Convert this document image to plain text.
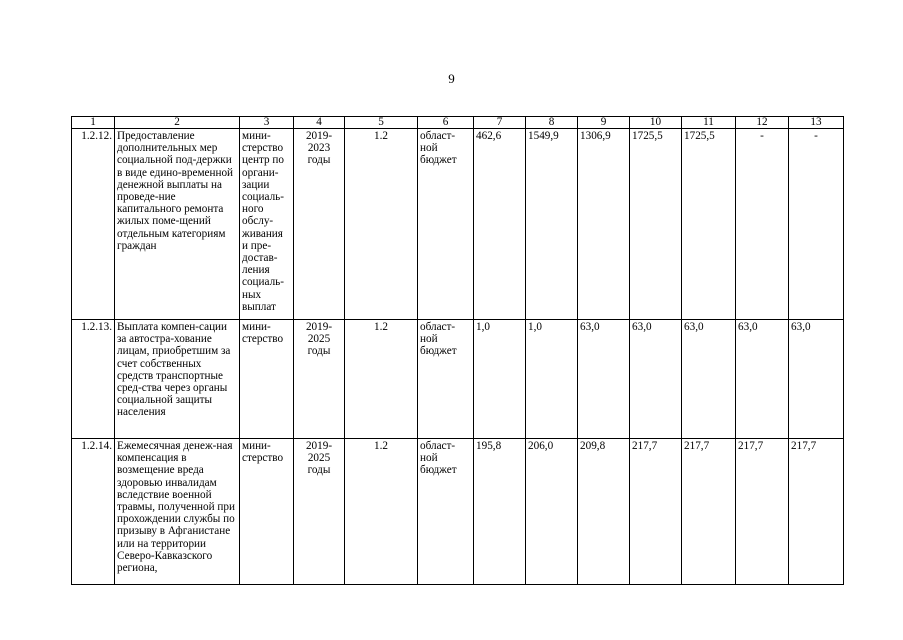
9
1	2	3	4	5	6	7	8	9	10	11	12	13
1.2.12.	Предоставление дополнительных мер социальной под-держки в виде едино-временной денежной выплаты на проведе-ние капитального ремонта жилых поме-щений отдельным категориям граждан	мини-стерство центр по органи-зации социаль-ного обслу-живания и пре-достав-ления социаль-ных выплат	2019-2023 годы	1.2	област-ной бюджет	462,6	1549,9	1306,9	1725,5	1725,5	-	-
1.2.13.	Выплата компен-сации за автостра-хование лицам, приобретшим за счет собственных средств транспортные сред-ства через органы социальной защиты населения	мини-стерство	2019-2025 годы	1.2	област-ной бюджет	1,0	1,0	63,0	63,0	63,0	63,0	63,0
1.2.14.	Ежемесячная денеж-ная компенсация в возмещение вреда здоровью инвалидам вследствие военной травмы, полученной при прохождении службы по призыву в Афганистане или на территории Северо-Кавказского региона,	мини-стерство	2019-2025 годы	1.2	област-ной бюджет	195,8	206,0	209,8	217,7	217,7	217,7	217,7
